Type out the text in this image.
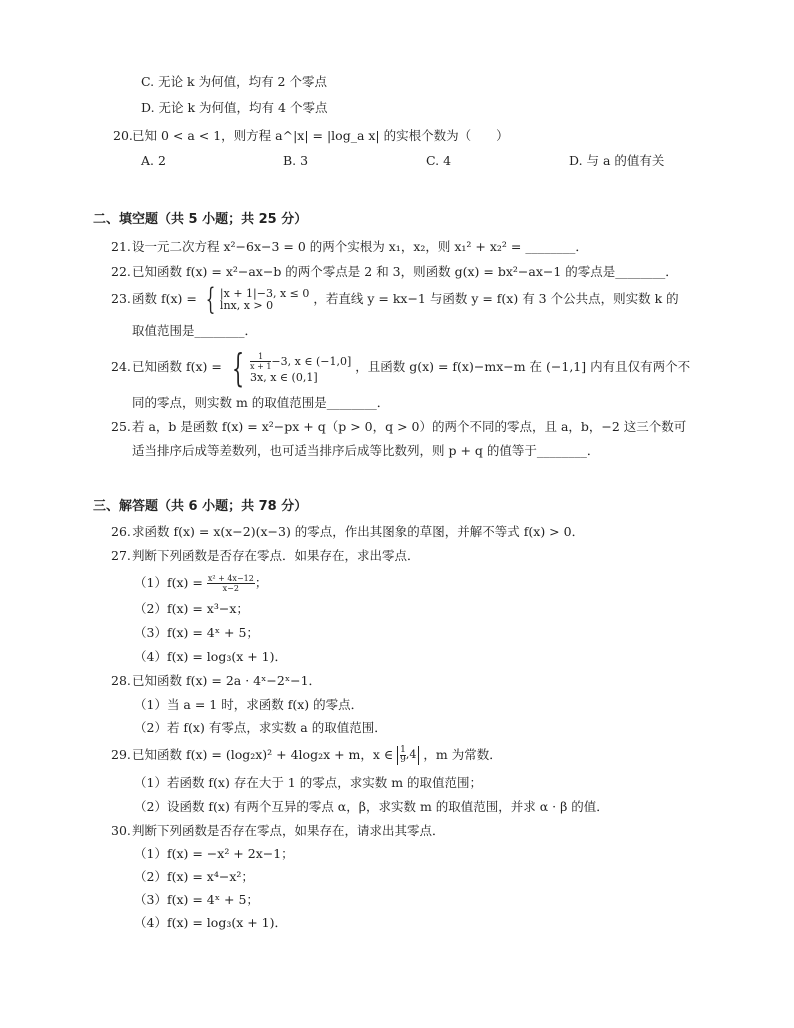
C. 无论 k 为何值，均有 2 个零点
D. 无论 k 为何值，均有 4 个零点
20. 已知 0 < a < 1，则方程 a^|x| = |log_a x| 的实根个数为（　　）
A. 2	B. 3	C. 4	D. 与 a 的值有关
二、填空题（共 5 小题；共 25 分）
21. 设一元二次方程 x²−6x−3 = 0 的两个实根为 x₁，x₂，则 x₁² + x₂² = ________．
22. 已知函数 f(x) = x²−ax−b 的两个零点是 2 和 3，则函数 g(x) = bx²−ax−1 的零点是________．
23. 函数 f(x) = { |x + 1|−3, x ≤ 0
lnx, x > 0	，若直线 y = kx−1 与函数 y = f(x) 有 3 个公共点，则实数 k 的
取值范围是________．
24. 已知函数 f(x) = { $\frac{1}{x + 1} -3$, x ∈ (−1,0]
3x, x ∈ (0,1]
，且函数 g(x) = f(x)−mx−m 在 (−1,1] 内有且仅有两个不
同的零点，则实数 m 的取值范围是________．
25. 若 a，b 是函数 f(x) = x²−px + q（p > 0，q > 0）的两个不同的零点，且 a，b，−2 这三个数可
适当排序后成等差数列，也可适当排序后成等比数列，则 p + q 的值等于________．
三、解答题（共 6 小题；共 78 分）
26. 求函数 f(x) = x(x−2)(x−3) 的零点，作出其图象的草图，并解不等式 f(x) > 0．
27. 判断下列函数是否存在零点．如果存在，求出零点．
$(1)f(x) = \frac{\text{x² + 4x−12}}{x-2}$ ；
（2）f(x) = x³−x；
（3）f(x) = 4ˣ + 5；
（4）f(x) = log₃(x + 1)．
28. 已知函数 f(x) = 2a · 4ˣ−2ˣ−1．
（1）当 a = 1 时，求函数 f(x) 的零点．
（2）若 f(x) 有零点，求实数 a 的取值范围．
29. 已知函数 f(x) = (log₂x)² + 4log₂x + m，x ∈ $\frac{1}{9} ,4$ ，m 为常数．
（1）若函数 f(x) 存在大于 1 的零点，求实数 m 的取值范围；
（2）设函数 f(x) 有两个互异的零点 α，β，求实数 m 的取值范围，并求 α · β 的值．
30. 判断下列函数是否存在零点，如果存在，请求出其零点．
（1）f(x) = −x² + 2x−1；
（2）f(x) = x⁴−x²；
（3）f(x) = 4ˣ + 5；
（4）f(x) = log₃(x + 1)．
